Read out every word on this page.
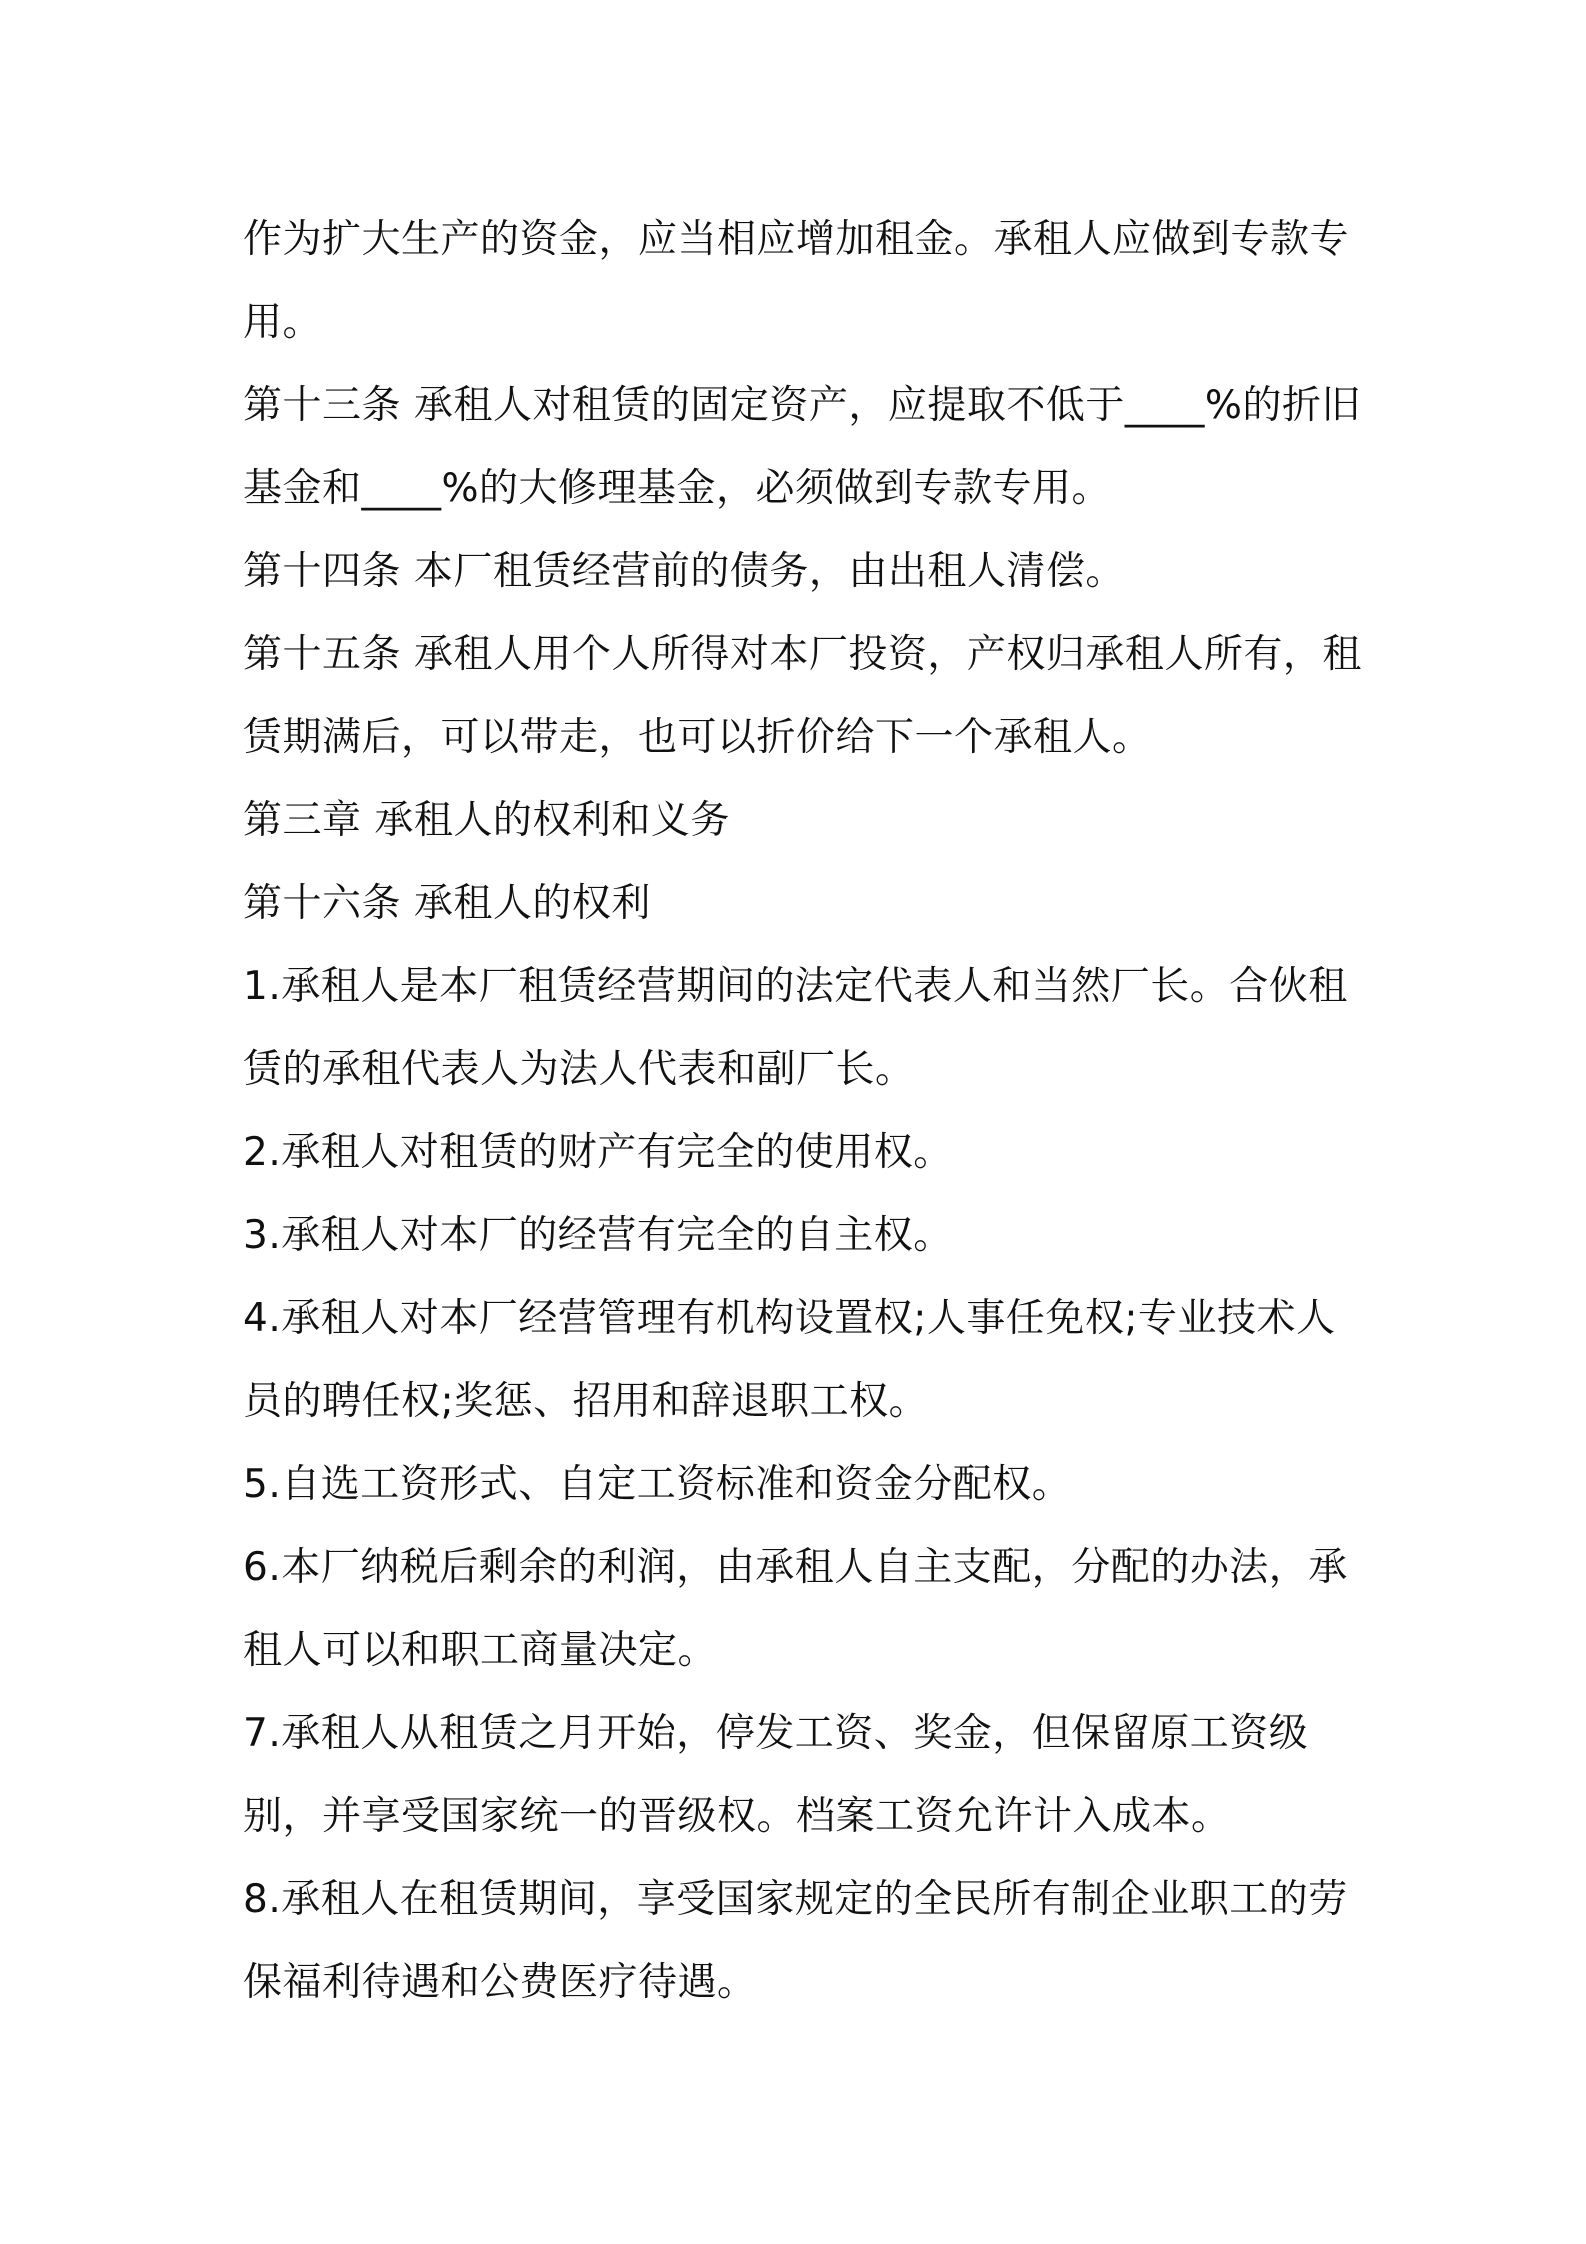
作为扩大生产的资金，应当相应增加租金。承租人应做到专款专用。

第十三条 承租人对租赁的固定资产，应提取不低于____%的折旧基金和____%的大修理基金，必须做到专款专用。

第十四条 本厂租赁经营前的债务，由出租人清偿。

第十五条 承租人用个人所得对本厂投资，产权归承租人所有，租赁期满后，可以带走，也可以折价给下一个承租人。

第三章 承租人的权利和义务

第十六条 承租人的权利

1.承租人是本厂租赁经营期间的法定代表人和当然厂长。合伙租赁的承租代表人为法人代表和副厂长。

2.承租人对租赁的财产有完全的使用权。

3.承租人对本厂的经营有完全的自主权。

4.承租人对本厂经营管理有机构设置权;人事任免权;专业技术人员的聘任权;奖惩、招用和辞退职工权。

5.自选工资形式、自定工资标准和资金分配权。

6.本厂纳税后剩余的利润，由承租人自主支配，分配的办法，承租人可以和职工商量决定。

7.承租人从租赁之月开始，停发工资、奖金，但保留原工资级别，并享受国家统一的晋级权。档案工资允许计入成本。

8.承租人在租赁期间，享受国家规定的全民所有制企业职工的劳保福利待遇和公费医疗待遇。
